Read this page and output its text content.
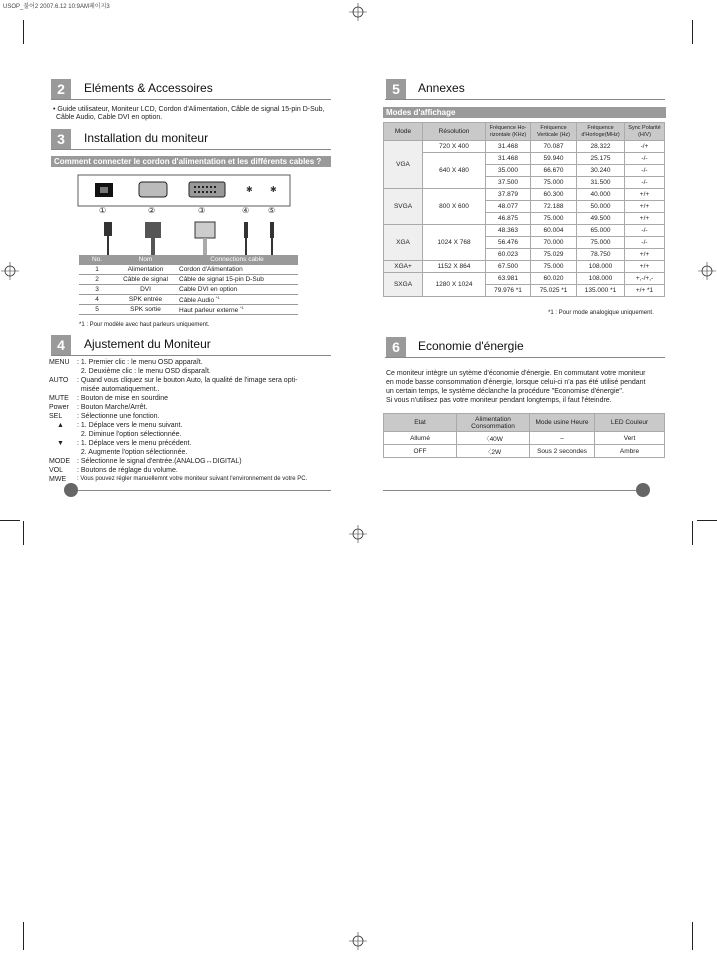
USOP_불어2 2007.6.12 10:9AM페이지3
2	Eléments & Accessoires
• Guide utilisateur, Moniteur LCD, Cordon d'Alimentation, Câble de signal 15-pin D-Sub,
Câble Audio, Cable DVI en option.
3	Installation du moniteur
Comment connecter le cordon d'alimentation et les différents cables ?
✱ ✱
①	②	③	④ ⑤
No.	Nom	Connections cable
1	Alimentation	Cordon d'Alimentation
2	Câble de signal	Câble de signal 15-pin D-Sub
3	DVI	Cable DVI en option
4	SPK entrée	Câble Audio $^{*1}$
5	SPK sortie	Haut parleur externe $^{*1}$
*1 : Pour modèle avec haut parleurs uniquement.
4	Ajustement du Moniteur
MENU : 1. Premier clic : le menu OSD apparaît.
2. Deuxième clic : le menu OSD disparaît.
AUTO : Quand vous cliquez sur le bouton Auto, la qualité de l'image sera opti-
misée automatiquement..
MUTE : Bouton de mise en sourdine
Power : Bouton Marche/Arrêt.
SEL : Sélectionne une fonction.
▲ : 1. Déplace vers le menu suivant.
2. Diminue l'option sélectionnée.
▼ : 1. Déplace vers le menu précédent.
2. Augmente l'option sélectionnée.
MODE : Sélectionne le signal d'entrée.(ANALOG↔DIGITAL)
VOL : Boutons de réglage du volume.
MWE : Vous pouvez régler manuellemnt votre moniteur suivant l'environnement de votre PC.
5	Annexes
Modes d'affichage
Mode	Résolution	Fréquence Ho-rizontale (KHz)	Fréquence Verticale (Hz)	Fréquence d'Horloge(MHz)	Sync Polarité (H/V)
VGA	720 X 400	31.468	70.087	28.322	-/+
	640 X 480	31.468	59.940	25.175	-/-
		35.000	66.670	30.240	-/-
		37.500	75.000	31.500	-/-
SVGA	800 X 600	37.879	60.300	40.000	+/+
		48.077	72.188	50.000	+/+
		46.875	75.000	49.500	+/+
XGA	1024 X 768	48.363	60.004	65.000	-/-
		56.476	70.000	75.000	-/-
		60.023	75.029	78.750	+/+
XGA+	1152 X 864	67.500	75.000	108.000	+/+
SXGA	1280 X 1024	63.981	60.020	108.000	+,-/+,-
		79.976 *1	75.025 *1	135.000 *1	+/+ *1
*1 : Pour mode analogique uniquement.
6	Economie d'énergie
Ce moniteur intègre un sytème d'économie d'énergie. En commutant votre moniteur
en mode basse consommation d'énergie, lorsque celui-ci n'a pas été utilisé pendant
un certain temps, le système déclanche la procédure "Economise d'énergie".
Si vous n'utilisez pas votre moniteur pendant longtemps, il faut l'éteindre.
Etat	Alimentation Consommation	Mode usine Heure	LED Couleur
Allumé	〈40W	–	Vert
OFF	〈2W	Sous 2 secondes	Ambre
